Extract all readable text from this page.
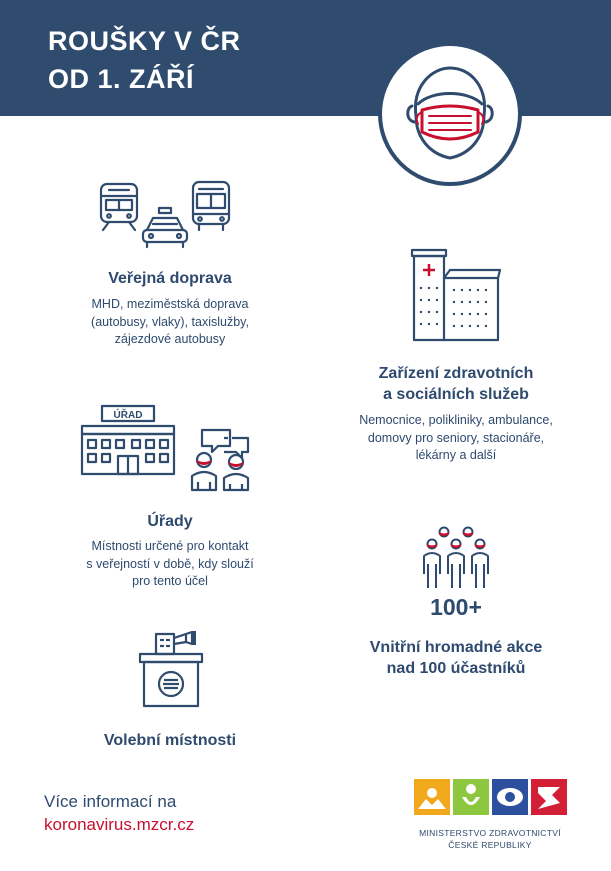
ROUŠKY V ČR
OD 1. ZÁŘÍ
Veřejná doprava
MHD, meziměstská doprava
(autobusy, vlaky), taxislužby,
zájezdové autobusy
Zařízení zdravotních
a sociálních služeb
Nemocnice, polikliniky, ambulance,
domovy pro seniory, stacionáře,
lékárny a další
ÚŘAD
Úřady
Místnosti určené pro kontakt
s veřejností v době, kdy slouží
pro tento účel
100+
Vnitřní hromadné akce
nad 100 účastníků
Volební místnosti
Více informací na
koronavirus.mzcr.cz	MINISTERSTVO ZDRAVOTNICTVÍ
ČESKÉ REPUBLIKY
